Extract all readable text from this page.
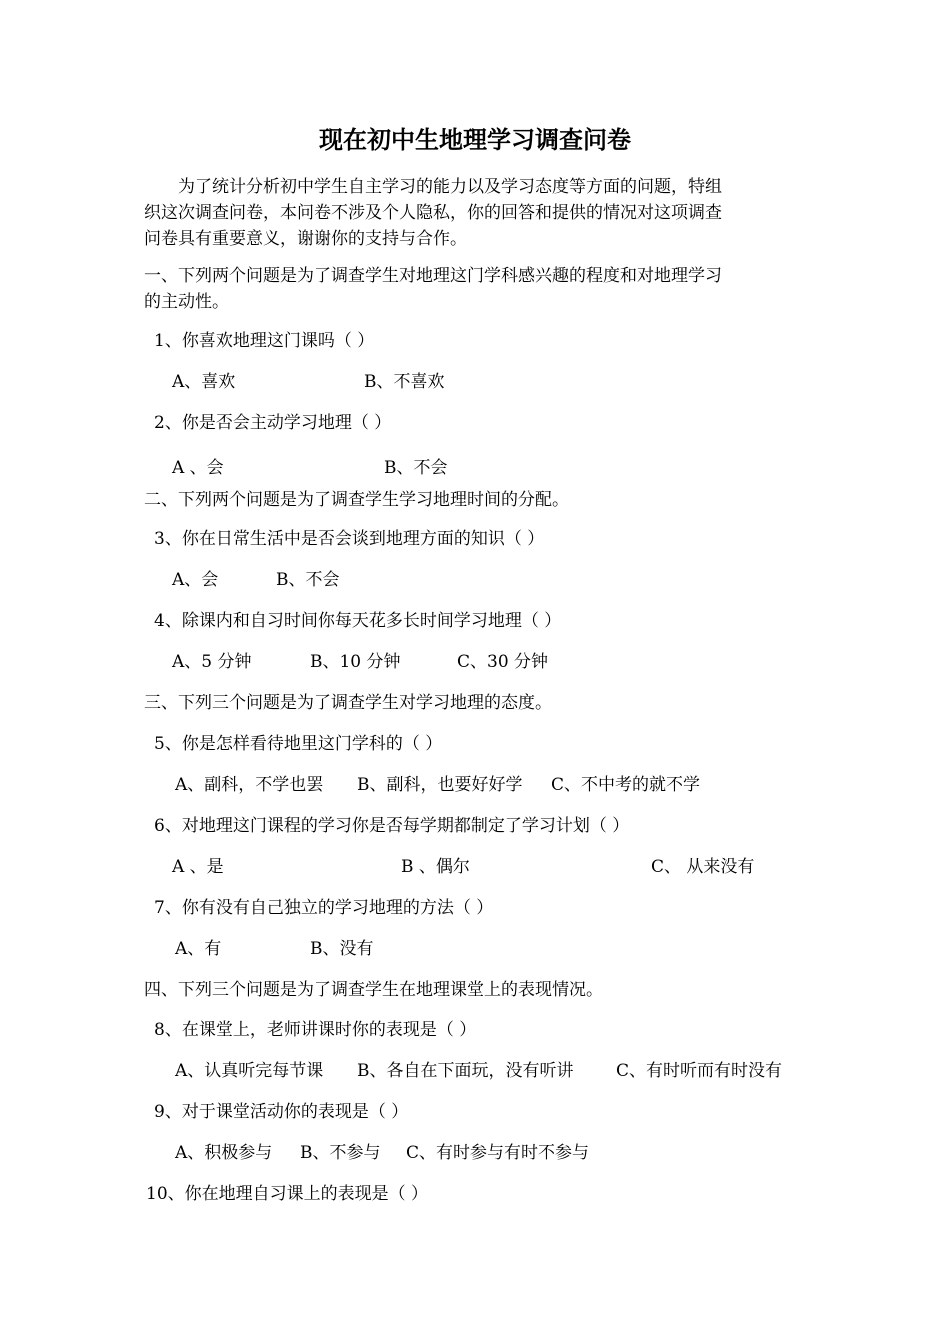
现在初中生地理学习调查问卷
为了统计分析初中学生自主学习的能力以及学习态度等方面的问题，特组
织这次调查问卷，本问卷不涉及个人隐私，你的回答和提供的情况对这项调查
问卷具有重要意义，谢谢你的支持与合作。
一、下列两个问题是为了调查学生对地理这门学科感兴趣的程度和对地理学习
的主动性。
1、你喜欢地理这门课吗（ ）
A、喜欢	B、不喜欢
2、你是否会主动学习地理（ ）
A 、会	B、不会
二、下列两个问题是为了调查学生学习地理时间的分配。
3、你在日常生活中是否会谈到地理方面的知识（ ）
A、会	B、不会
4、除课内和自习时间你每天花多长时间学习地理（ ）
A、5 分钟	B、10 分钟	C、30 分钟
三、下列三个问题是为了调查学生对学习地理的态度。
5、你是怎样看待地里这门学科的（ ）
A、副科，不学也罢 B、副科，也要好好学 C、不中考的就不学
6、对地理这门课程的学习你是否每学期都制定了学习计划（ ）
A 、是	B 、偶尔	C、 从来没有
7、你有没有自己独立的学习地理的方法（ ）
A、有	B、没有
四、下列三个问题是为了调查学生在地理课堂上的表现情况。
8、在课堂上，老师讲课时你的表现是（ ）
A、认真听完每节课 B、各自在下面玩，没有听讲	C、有时听而有时没有
9、对于课堂活动你的表现是（ ）
A、积极参与 B、不参与 C、有时参与有时不参与
10、你在地理自习课上的表现是（ ）
